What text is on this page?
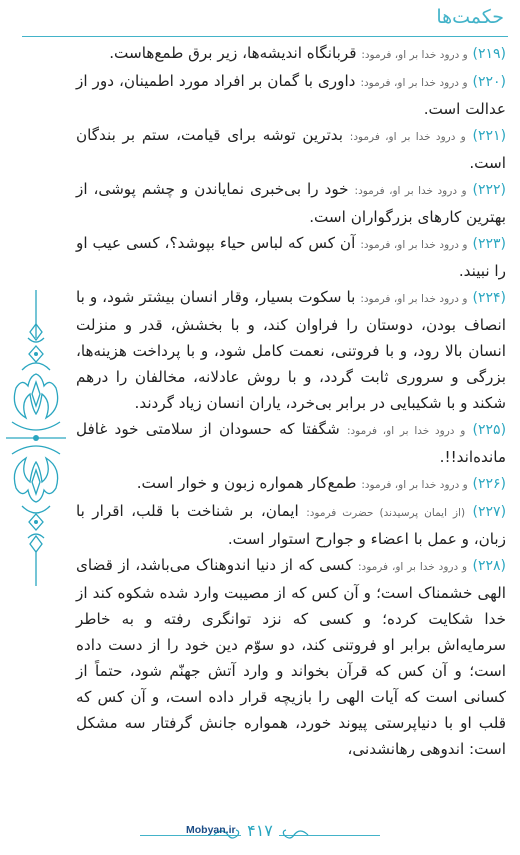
حکمت‌ها

(۲۱۹) و درود خدا بر او، فرمود: قربانگاه اندیشه‌ها، زیر برق طمع‌هاست.

(۲۲۰) و درود خدا بر او، فرمود: داوری با گمان بر افراد مورد اطمینان، دور از عدالت است.

(۲۲۱) و درود خدا بر او، فرمود: بدترین توشه برای قیامت، ستم بر بندگان است.

(۲۲۲) و درود خدا بر او، فرمود: خود را بی‌خبری نمایاندن و چشم پوشی، از بهترین کارهای بزرگواران است.

(۲۲۳) و درود خدا بر او، فرمود: آن کس که لباس حیاء بپوشد؟، کسی عیب او را نبیند.

(۲۲۴) و درود خدا بر او، فرمود: با سکوت بسیار، وقار انسان بیشتر شود، و با انصاف بودن، دوستان را فراوان کند، و با بخشش، قدر و منزلت انسان بالا رود، و با فروتنی، نعمت کامل شود، و با پرداخت هزینه‌ها، بزرگی و سروری ثابت گردد، و با روش عادلانه، مخالفان را درهم شکند و با شکیبایی در برابر بی‌خرد، یاران انسان زیاد گردند.

(۲۲۵) و درود خدا بر او، فرمود: شگفتا که حسودان از سلامتی خود غافل مانده‌اند!!.

(۲۲۶) و درود خدا بر او، فرمود: طمع‌کار همواره زبون و خوار است.

(۲۲۷) (از ایمان پرسیدند) حضرت فرمود: ایمان، بر شناخت با قلب، اقرار با زبان، و عمل با اعضاء و جوارح استوار است.

(۲۲۸) و درود خدا بر او، فرمود: کسی که از دنیا اندوهناک می‌باشد، از قضای الهی خشمناک است؛ و آن کس که از مصیبت وارد شده شکوه کند از خدا شکایت کرده؛ و کسی که نزد توانگری رفته و به خاطر سرمایه‌اش برابر او فروتنی کند، دو سوّم دین خود را از دست داده است؛ و آن کس که قرآن بخواند و وارد آتش جهنّم شود، حتماً از کسانی است که آیات الهی را بازیچه قرار داده است، و آن کس که قلب او با دنیاپرستی پیوند خورد، همواره جانش گرفتار سه مشکل است: اندوهی رهانشدنی،

۴۱۷
Mobyan.ir
